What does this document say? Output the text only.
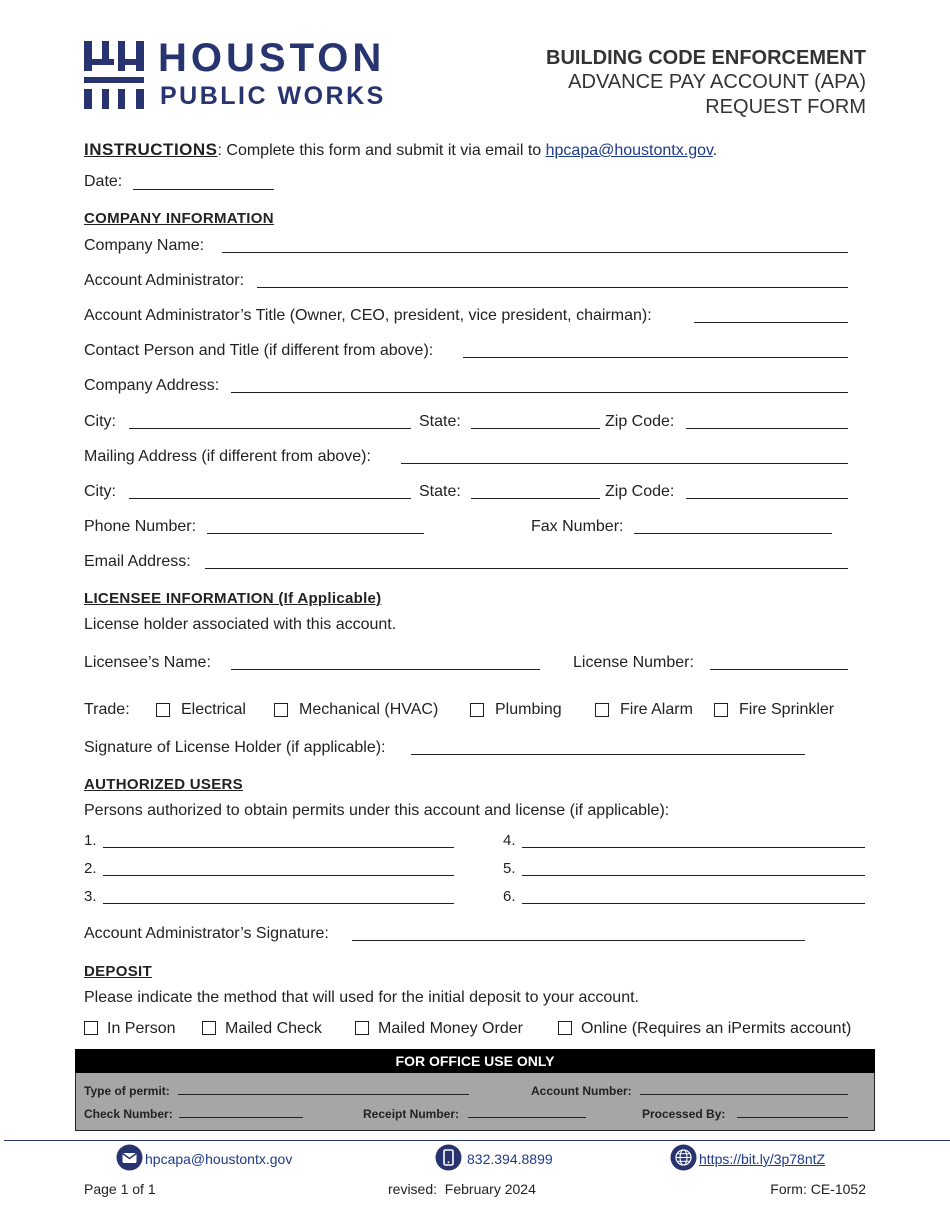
HOUSTON
PUBLIC WORKS
BUILDING CODE ENFORCEMENT
ADVANCE PAY ACCOUNT (APA)
REQUEST FORM
INSTRUCTIONS: Complete this form and submit it via email to hpcapa@houstontx.gov.
Date:
COMPANY INFORMATION
Company Name:
Account Administrator:
Account Administrator’s Title (Owner, CEO, president, vice president, chairman):
Contact Person and Title (if different from above):
Company Address:
City:	State:	Zip Code:
Mailing Address (if different from above):
City:	State:	Zip Code:
Phone Number:	Fax Number:
Email Address:
LICENSEE INFORMATION (If Applicable)
License holder associated with this account.
Licensee’s Name:	License Number:
Trade:	Electrical	Mechanical (HVAC)	Plumbing	Fire Alarm	Fire Sprinkler
Signature of License Holder (if applicable):
AUTHORIZED USERS
Persons authorized to obtain permits under this account and license (if applicable):
1.
2.
3.
4.
5.
6.
Account Administrator’s Signature:
DEPOSIT
Please indicate the method that will used for the initial deposit to your account.
In Person	Mailed Check	Mailed Money Order	Online (Requires an iPermits account)
FOR OFFICE USE ONLY
Type of permit:	Account Number:
Check Number:	Receipt Number:	Processed By:
hpcapa@houstontx.gov	832.394.8899	https://bit.ly/3p78ntZ
Page 1 of 1	revised:  February 2024	Form: CE-1052
